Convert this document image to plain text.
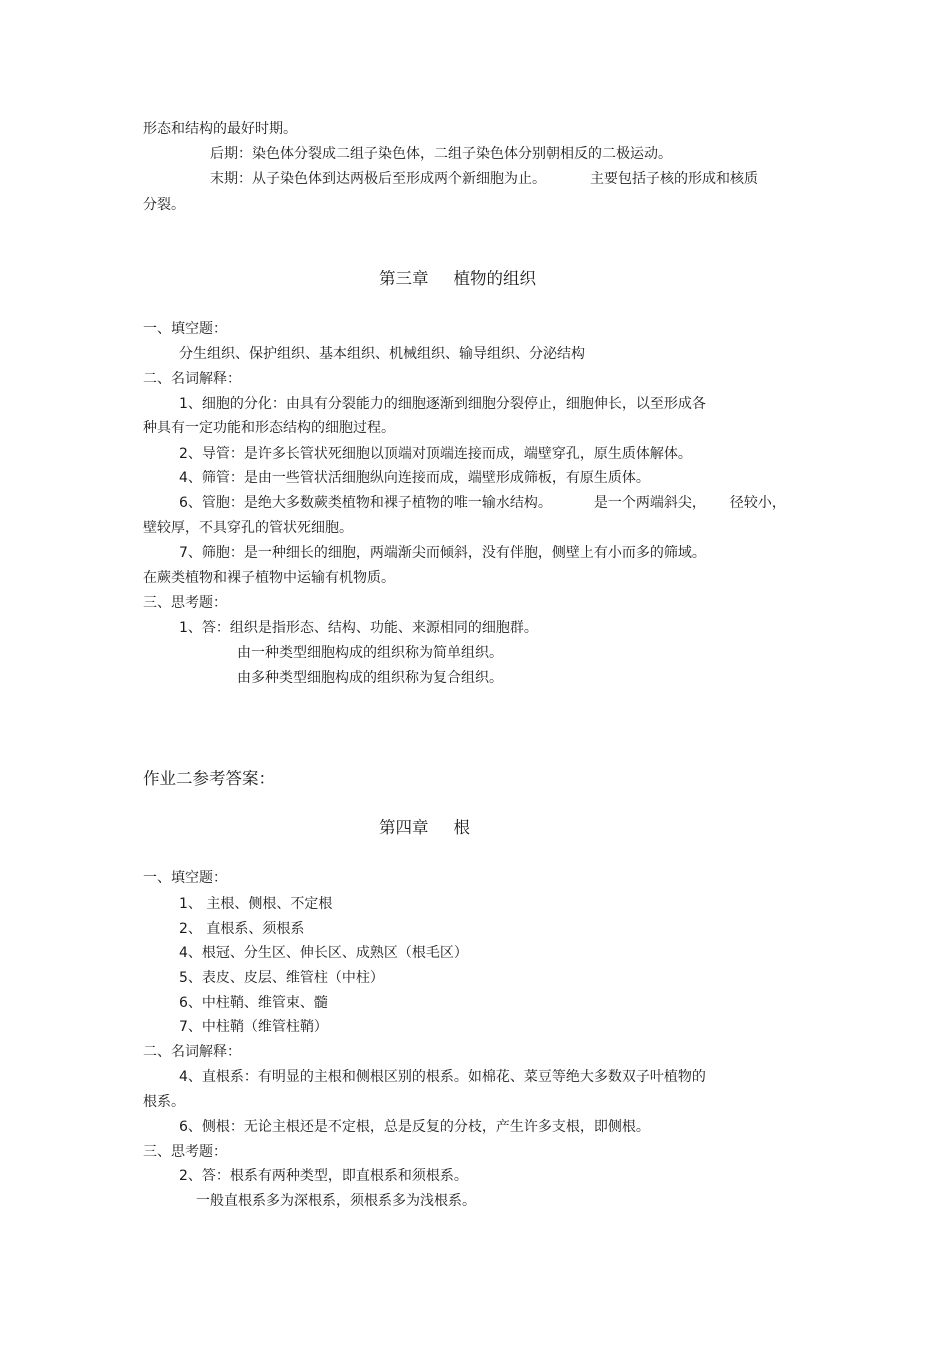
形态和结构的最好时期。
后期：染色体分裂成二组子染色体，二组子染色体分别朝相反的二极运动。
末期：从子染色体到达两极后至形成两个新细胞为止。	主要包括子核的形成和核质
分裂。
第三章 植物的组织
一、填空题：
分生组织、保护组织、基本组织、机械组织、输导组织、分泌结构
二、名词解释：
1、细胞的分化：由具有分裂能力的细胞逐渐到细胞分裂停止，细胞伸长，以至形成各
种具有一定功能和形态结构的细胞过程。
2、导管：是许多长管状死细胞以顶端对顶端连接而成，端壁穿孔，原生质体解体。
4、筛管：是由一些管状活细胞纵向连接而成，端壁形成筛板，有原生质体。
6、管胞：是绝大多数蕨类植物和裸子植物的唯一输水结构。	是一个两端斜尖， 径较小，
壁较厚，不具穿孔的管状死细胞。
7、筛胞：是一种细长的细胞，两端渐尖而倾斜，没有伴胞，侧壁上有小而多的筛域。
在蕨类植物和裸子植物中运输有机物质。
三、思考题：
1、答：组织是指形态、结构、功能、来源相同的细胞群。
由一种类型细胞构成的组织称为简单组织。
由多种类型细胞构成的组织称为复合组织。
作业二参考答案：
第四章 根
一、填空题：
1、 主根、侧根、不定根
2、 直根系、须根系
4、根冠、分生区、伸长区、成熟区（根毛区）
5、表皮、皮层、维管柱（中柱）
6、中柱鞘、维管束、髓
7、中柱鞘（维管柱鞘）
二、名词解释：
4、直根系：有明显的主根和侧根区别的根系。如棉花、菜豆等绝大多数双子叶植物的
根系。
6、侧根：无论主根还是不定根，总是反复的分枝，产生许多支根，即侧根。
三、思考题：
2、答：根系有两种类型，即直根系和须根系。
一般直根系多为深根系，须根系多为浅根系。
